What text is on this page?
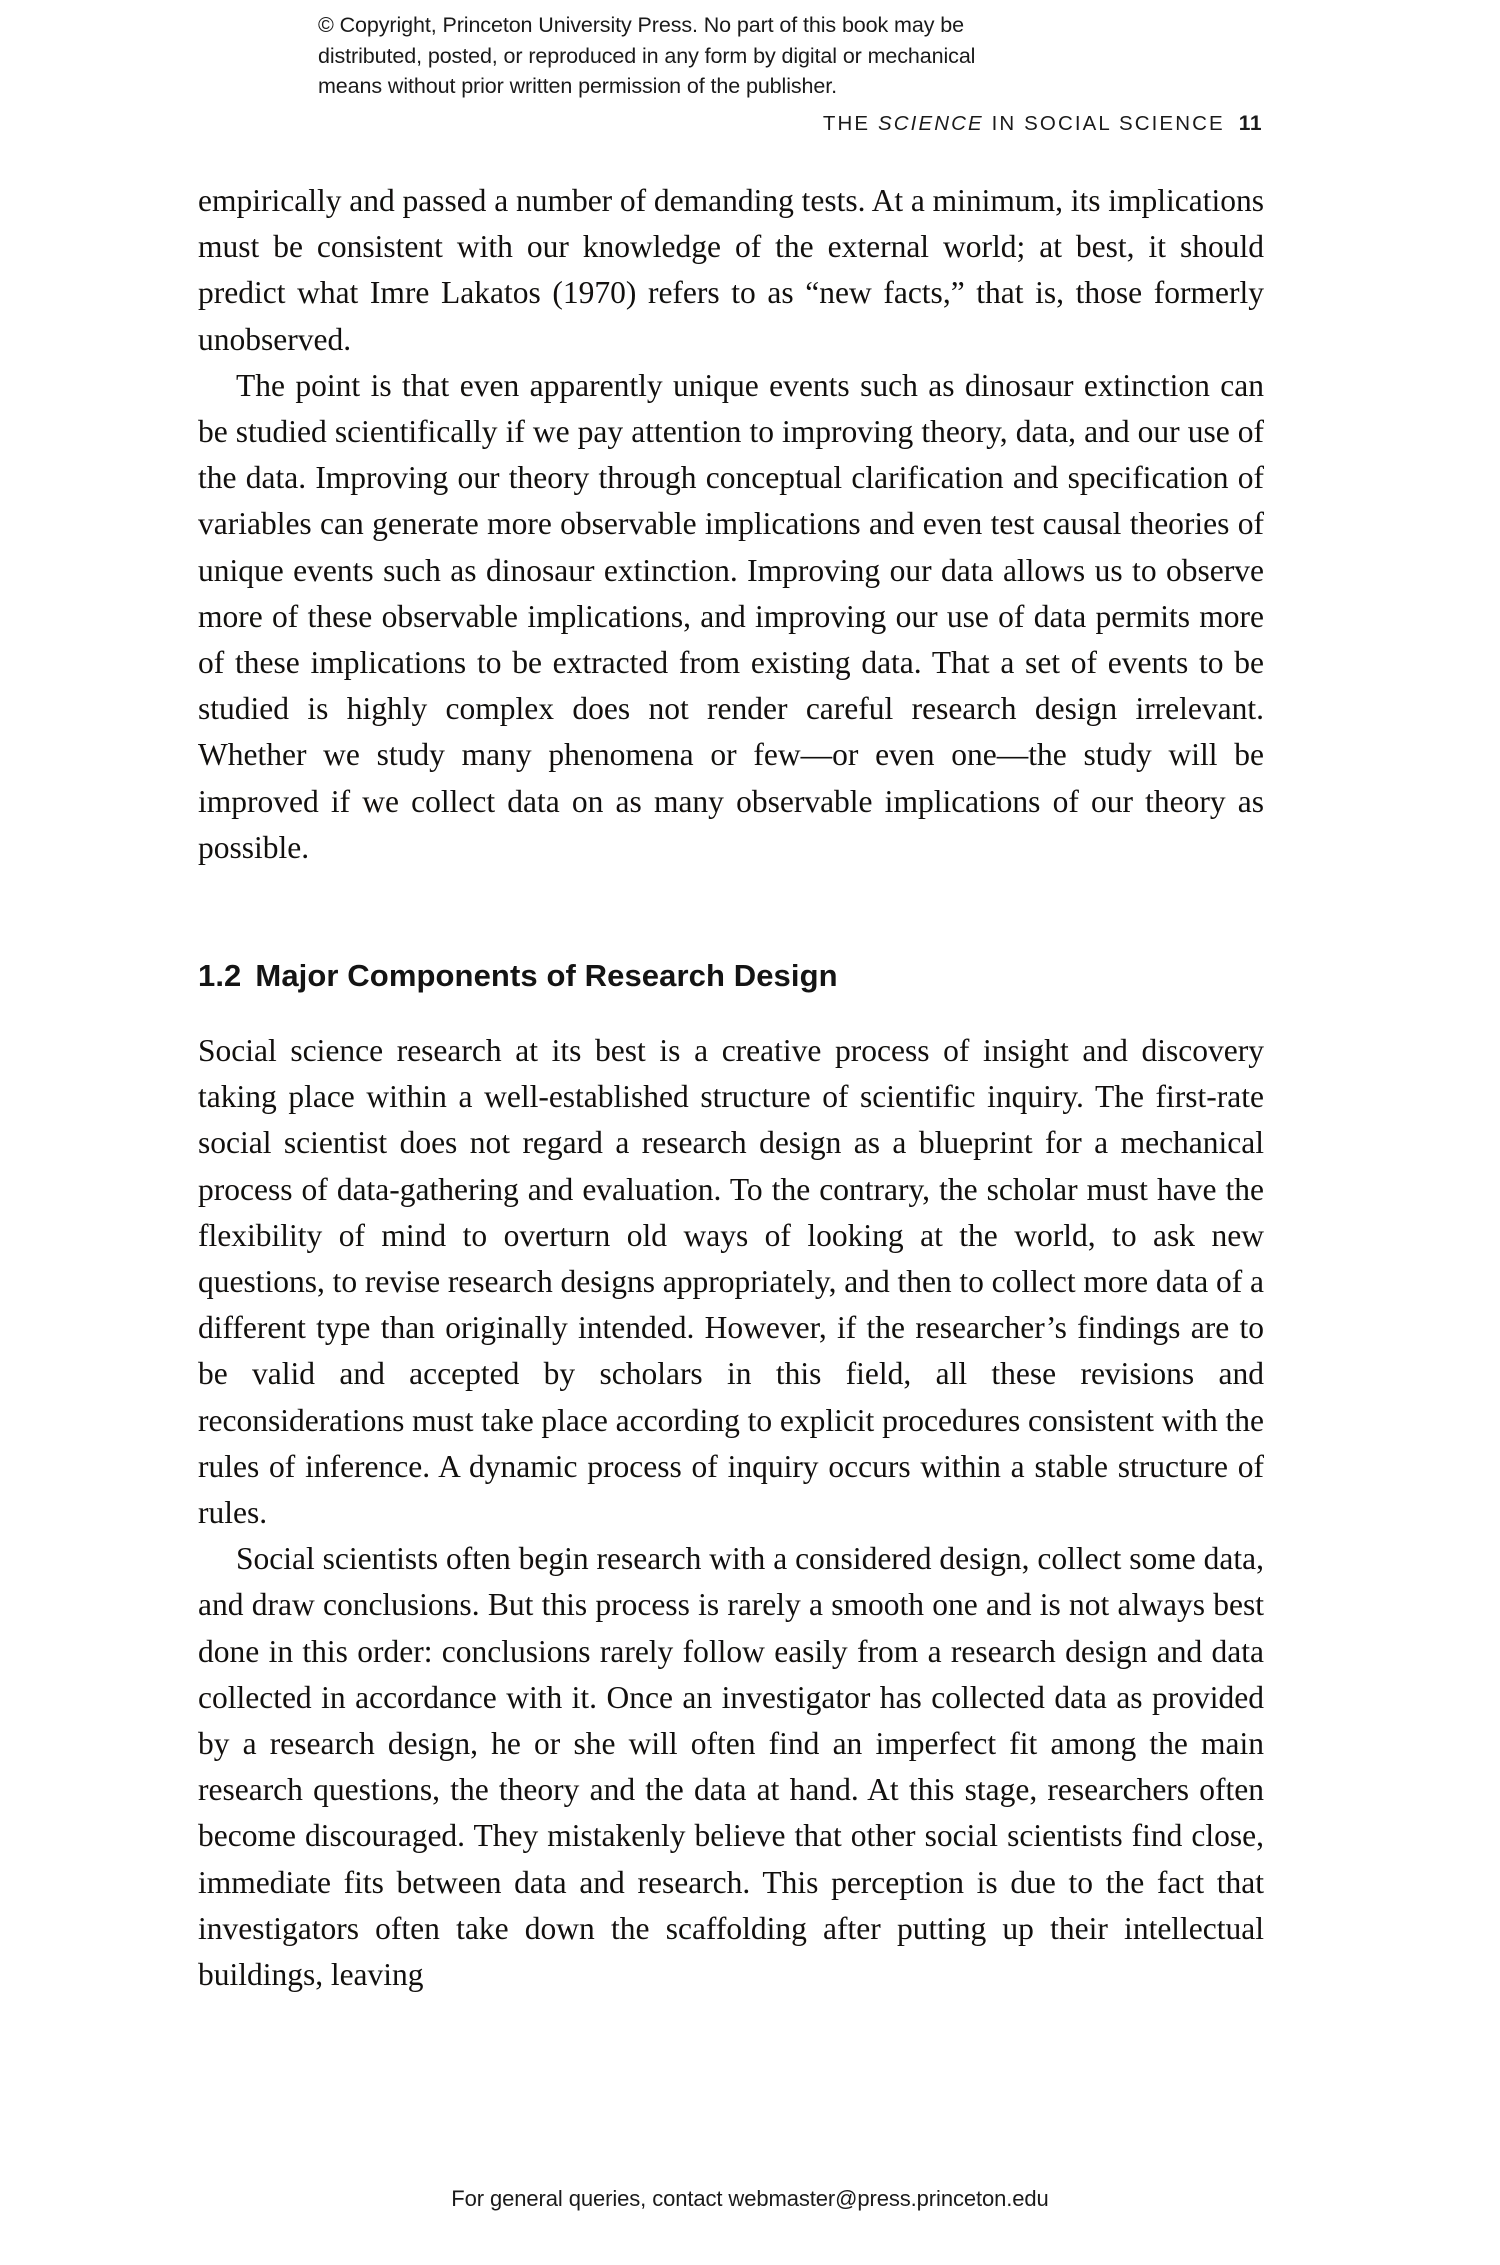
© Copyright, Princeton University Press. No part of this book may be
distributed, posted, or reproduced in any form by digital or mechanical
means without prior written permission of the publisher.
THE SCIENCE IN SOCIAL SCIENCE 11

empirically and passed a number of demanding tests. At a minimum, its implications must be consistent with our knowledge of the external world; at best, it should predict what Imre Lakatos (1970) refers to as “new facts,” that is, those formerly unobserved.

The point is that even apparently unique events such as dinosaur extinction can be studied scientifically if we pay attention to improving theory, data, and our use of the data. Improving our theory through conceptual clarification and specification of variables can generate more observable implications and even test causal theories of unique events such as dinosaur extinction. Improving our data allows us to observe more of these observable implications, and improving our use of data permits more of these implications to be extracted from existing data. That a set of events to be studied is highly complex does not render careful research design irrelevant. Whether we study many phenomena or few—or even one—the study will be improved if we collect data on as many observable implications of our theory as possible.

1.2 Major Components of Research Design

Social science research at its best is a creative process of insight and discovery taking place within a well-established structure of scientific inquiry. The first-rate social scientist does not regard a research design as a blueprint for a mechanical process of data-gathering and evaluation. To the contrary, the scholar must have the flexibility of mind to overturn old ways of looking at the world, to ask new questions, to revise research designs appropriately, and then to collect more data of a different type than originally intended. However, if the researcher’s findings are to be valid and accepted by scholars in this field, all these revisions and reconsiderations must take place according to explicit procedures consistent with the rules of inference. A dynamic process of inquiry occurs within a stable structure of rules.

Social scientists often begin research with a considered design, collect some data, and draw conclusions. But this process is rarely a smooth one and is not always best done in this order: conclusions rarely follow easily from a research design and data collected in accordance with it. Once an investigator has collected data as provided by a research design, he or she will often find an imperfect fit among the main research questions, the theory and the data at hand. At this stage, researchers often become discouraged. They mistakenly believe that other social scientists find close, immediate fits between data and research. This perception is due to the fact that investigators often take down the scaffolding after putting up their intellectual buildings, leaving

For general queries, contact webmaster@press.princeton.edu
